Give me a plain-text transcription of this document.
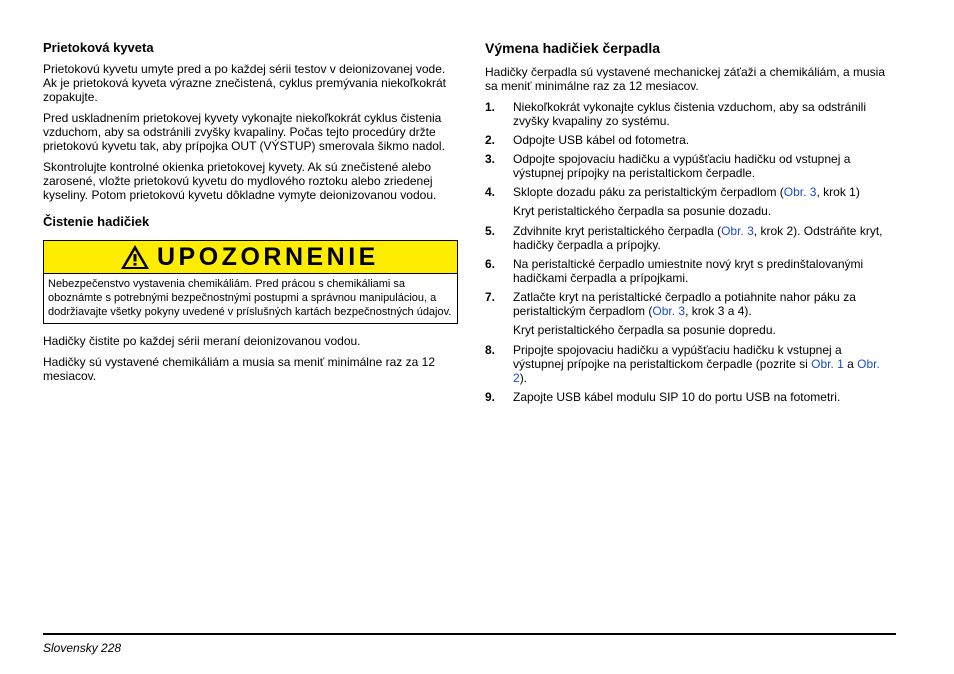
Prietoková kyveta

Prietokovú kyvetu umyte pred a po každej sérii testov v deionizovanej vode.
Ak je prietoková kyveta výrazne znečistená, cyklus premývania niekoľkokrát zopakujte.

Pred uskladnením prietokovej kyvety vykonajte niekoľkokrát cyklus čistenia vzduchom, aby sa odstránili zvyšky kvapaliny. Počas tejto procedúry držte prietokovú kyvetu tak, aby prípojka OUT (VÝSTUP) smerovala šikmo nadol.

Skontrolujte kontrolné okienka prietokovej kyvety. Ak sú znečistené alebo zarosené, vložte prietokovú kyvetu do mydlového roztoku alebo zriedenej kyseliny. Potom prietokovú kyvetu dôkladne vymyte deionizovanou vodou.

Čistenie hadičiek
UPOZORNENIE
Nebezpečenstvo vystavenia chemikáliám. Pred prácou s chemikáliami sa oboznámte s potrebnými bezpečnostnými postupmi a správnou manipuláciou, a dodržiavajte všetky pokyny uvedené v príslušných kartách bezpečnostných údajov.

Hadičky čistite po každej sérii meraní deionizovanou vodou.

Hadičky sú vystavené chemikáliám a musia sa meniť minimálne raz za 12 mesiacov.

Výmena hadičiek čerpadla

Hadičky čerpadla sú vystavené mechanickej záťaži a chemikáliám, a musia sa meniť minimálne raz za 12 mesiacov.

1. Niekoľkokrát vykonajte cyklus čistenia vzduchom, aby sa odstránili zvyšky kvapaliny zo systému.
2. Odpojte USB kábel od fotometra.
3. Odpojte spojovaciu hadičku a vypúšťaciu hadičku od vstupnej a výstupnej prípojky na peristaltickom čerpadle.
4. Sklopte dozadu páku za peristaltickým čerpadlom (Obr. 3, krok 1)

Kryt peristaltického čerpadla sa posunie dozadu.

5. Zdvihnite kryt peristaltického čerpadla (Obr. 3, krok 2). Odstráňte kryt, hadičky čerpadla a prípojky.
6. Na peristaltické čerpadlo umiestnite nový kryt s predinštalovanými hadičkami čerpadla a prípojkami.
7. Zatlačte kryt na peristaltické čerpadlo a potiahnite nahor páku za peristaltickým čerpadlom (Obr. 3, krok 3 a 4).

Kryt peristaltického čerpadla sa posunie dopredu.

8. Pripojte spojovaciu hadičku a vypúšťaciu hadičku k vstupnej a výstupnej prípojke na peristaltickom čerpadle (pozrite si Obr. 1 a Obr. 2).
9. Zapojte USB kábel modulu SIP 10 do portu USB na fotometri.
Slovensky 228
